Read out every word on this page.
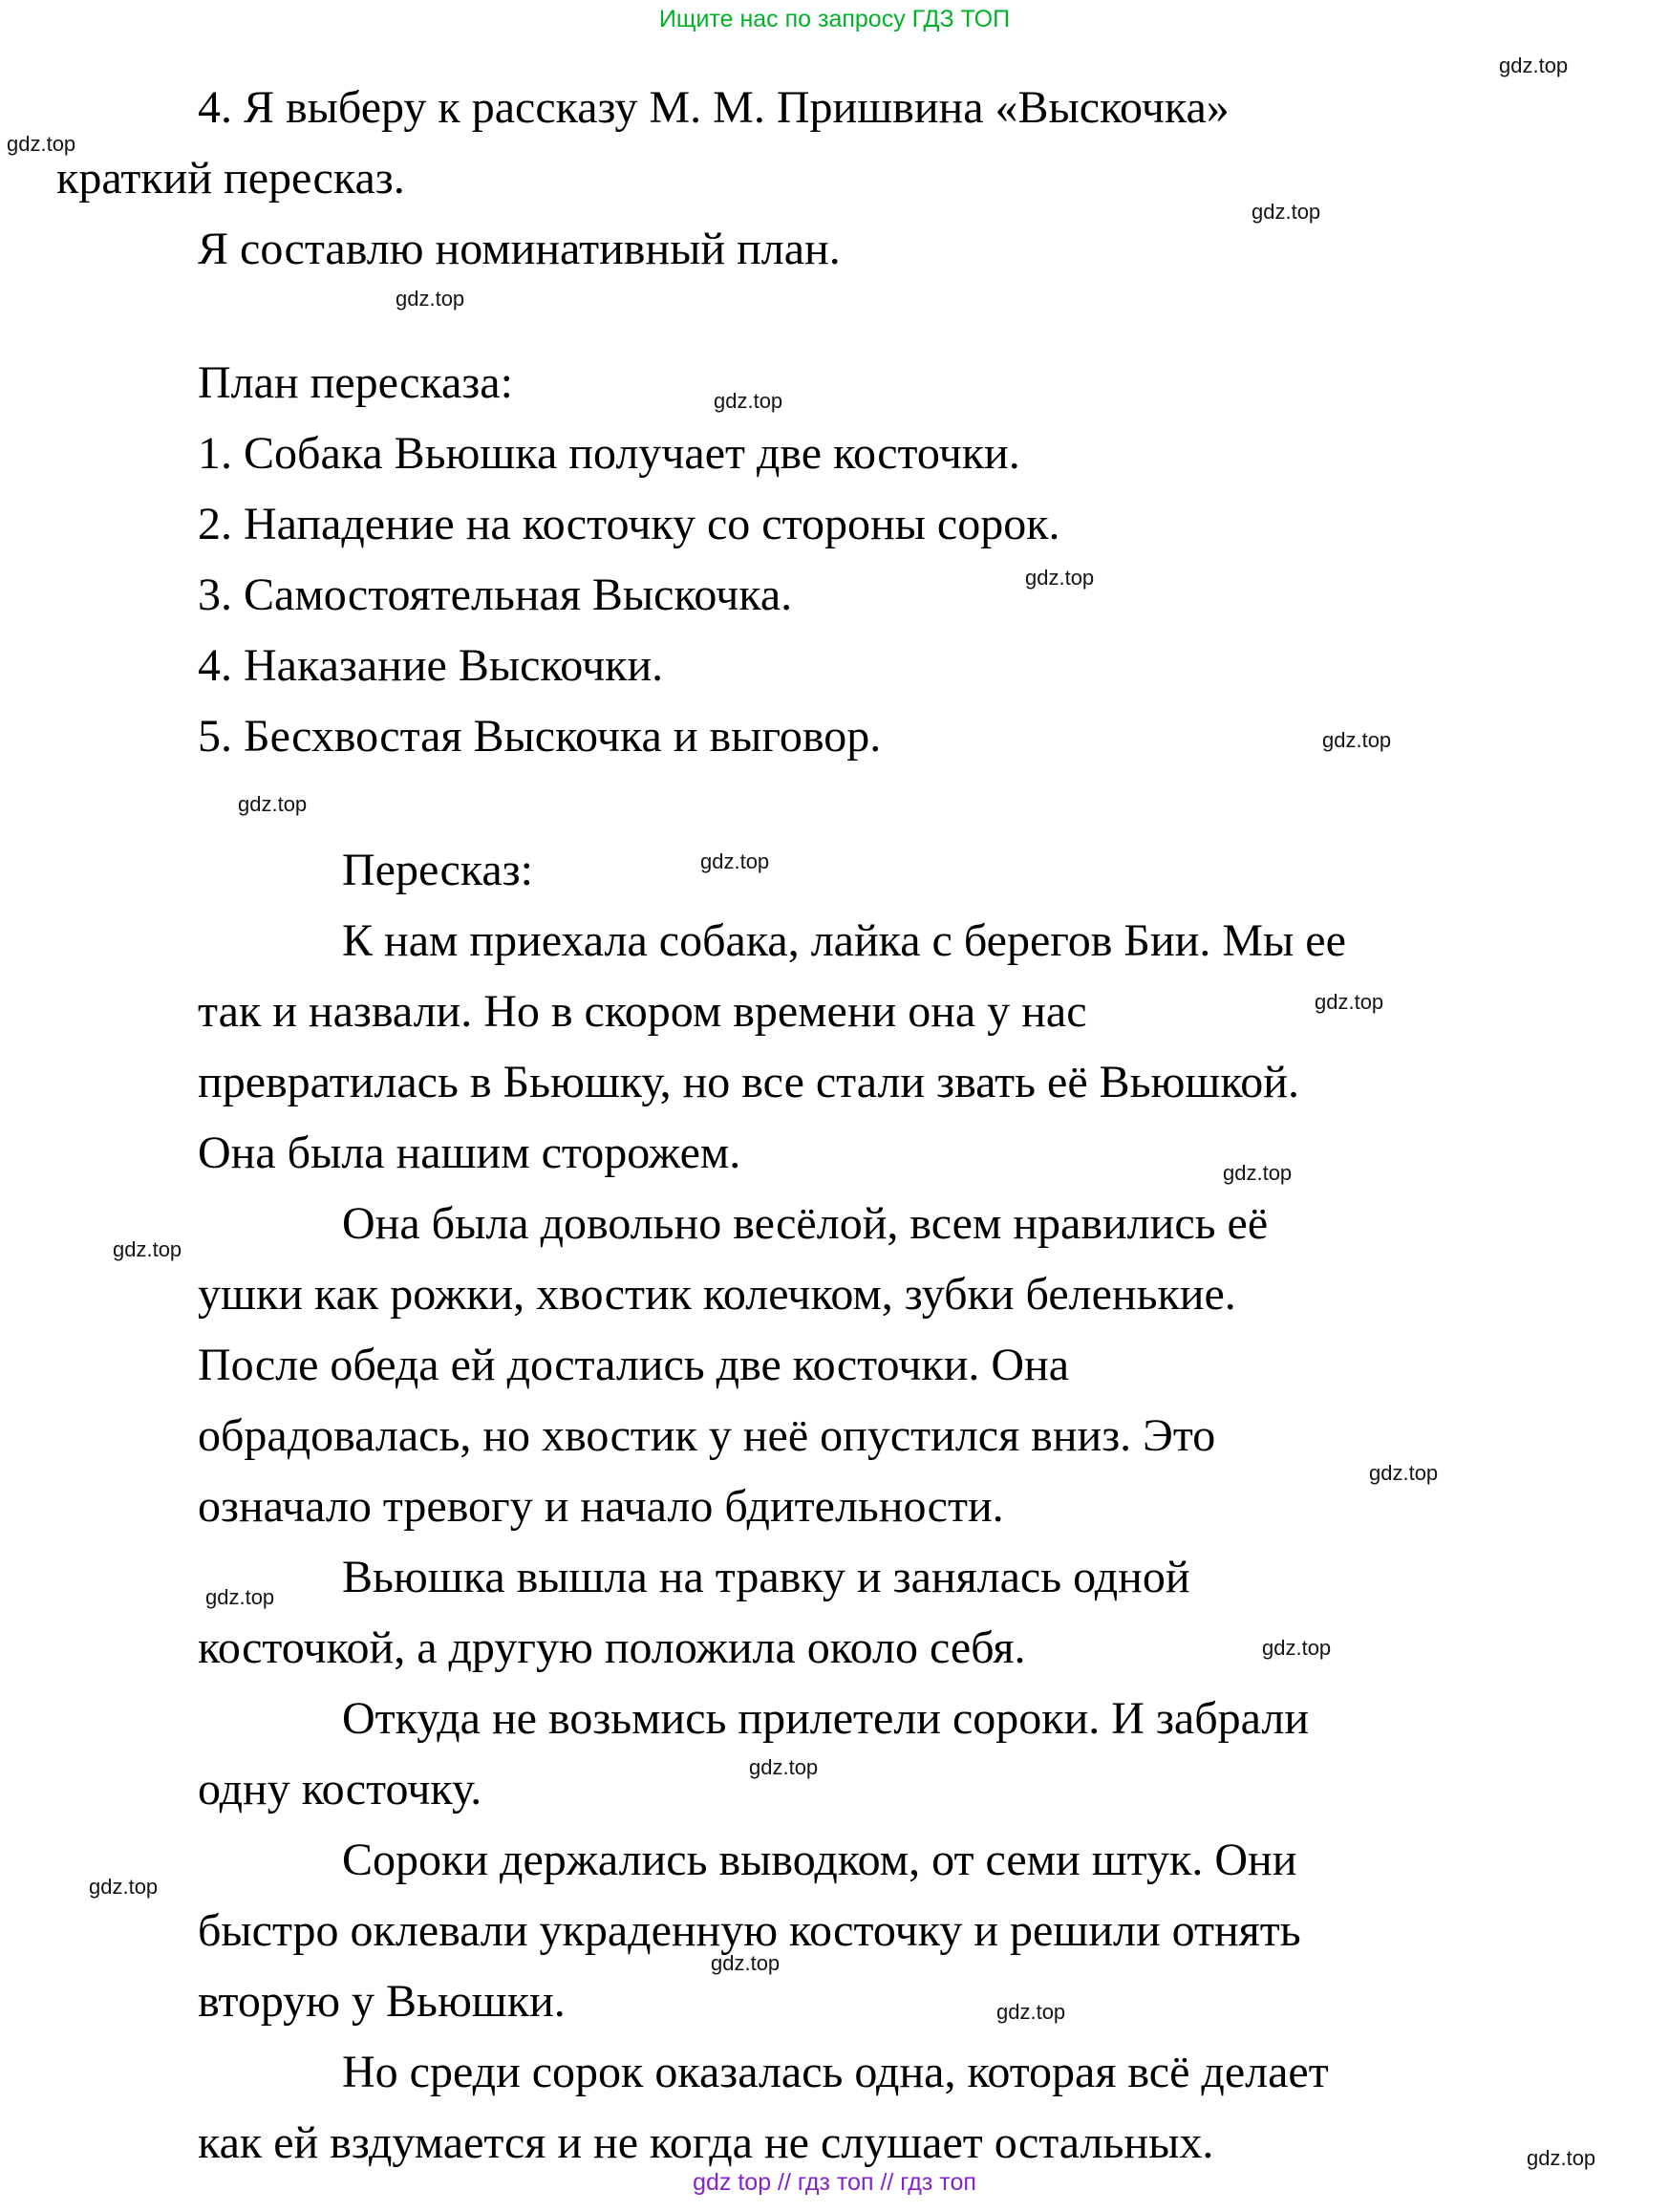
Ищите нас по запросу ГДЗ ТОП
4. Я выберу к рассказу М. М. Пришвина «Выскочка»
краткий пересказ.
Я составлю номинативный план.
План пересказа:
1. Собака Вьюшка получает две косточки.
2. Нападение на косточку со стороны сорок.
3. Самостоятельная Выскочка.
4. Наказание Выскочки.
5. Бесхвостая Выскочка и выговор.
Пересказ:
К нам приехала собака, лайка с берегов Бии. Мы ее
так и назвали. Но в скором времени она у нас
превратилась в Бьюшку, но все стали звать её Вьюшкой.
Она была нашим сторожем.
Она была довольно весёлой, всем нравились её
ушки как рожки, хвостик колечком, зубки беленькие.
После обеда ей достались две косточки. Она
обрадовалась, но хвостик у неё опустился вниз. Это
означало тревогу и начало бдительности.
Вьюшка вышла на травку и занялась одной
косточкой, а другую положила около себя.
Откуда не возьмись прилетели сороки. И забрали
одну косточку.
Сороки держались выводком, от семи штук. Они
быстро оклевали украденную косточку и решили отнять
вторую у Вьюшки.
Но среди сорок оказалась одна, которая всё делает
как ей вздумается и не когда не слушает остальных.
gdz.top
gdz.top
gdz.top
gdz.top
gdz.top
gdz.top
gdz.top
gdz.top
gdz.top
gdz.top
gdz.top
gdz.top
gdz.top
gdz.top
gdz.top
gdz.top
gdz.top
gdz.top
gdz.top
gdz.top
gdz top // гдз топ // гдз топ
